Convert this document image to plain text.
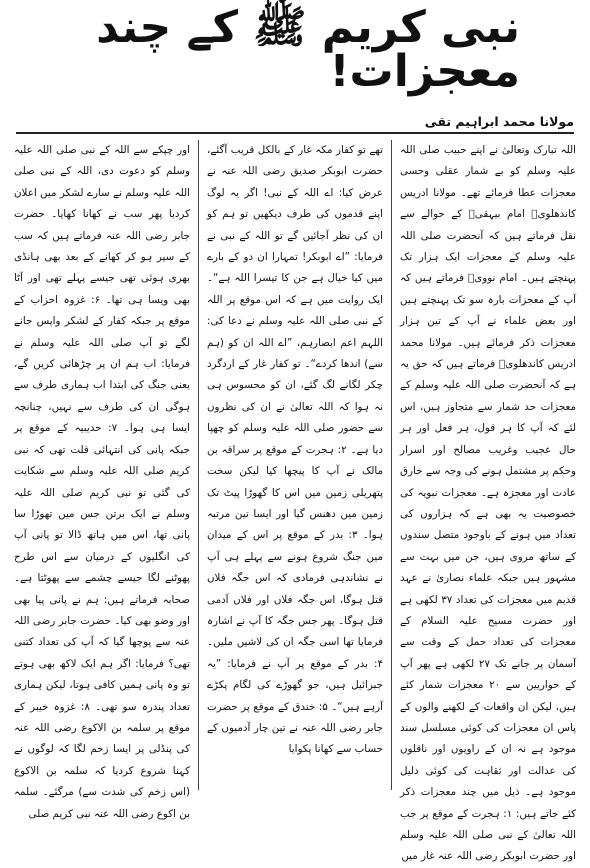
نبی کریم ﷺ کے چند معجزات!
مولانا محمد ابراہیم تقی

اللہ تبارک وتعالیٰ نے اپنے حبیب صلی اللہ علیہ وسلم کو بے شمار عقلی وحسی معجزات عطا فرمائے تھے۔ مولانا ادریس کاندھلویؒ امام بیہقیؒ کے حوالے سے نقل فرماتے ہیں کہ آنحضرت صلی اللہ علیہ وسلم کے معجزات ایک ہزار تک پہنچتے ہیں۔ امام نوویؒ فرماتے ہیں کہ آپ کے معجزات بارہ سو تک پہنچتے ہیں اور بعض علماء نے آپ کے تین ہزار معجزات ذکر فرمائے ہیں۔ مولانا محمد ادریس کاندھلویؒ فرماتے ہیں کہ حق یہ ہے کہ آنحضرت صلی اللہ علیہ وسلم کے معجزات حد شمار سے متجاوز ہیں، اس لئے کہ آپ کا ہر قول، ہر فعل اور ہر حال عجیب وغریب مصالح اور اسرار وحکم پر مشتمل ہونے کی وجہ سے خارق عادت اور معجزہ ہے۔ معجزات نبویہ کی خصوصیت یہ بھی ہے کہ ہزاروں کی تعداد میں ہونے کے باوجود متصل سندوں کے ساتھ مروی ہیں، جن میں بہت سے مشہور ہیں جبکہ علماء نصاریٰ نے عہد قدیم میں معجزات کی تعداد ۳۷ لکھی ہے اور حضرت مسیح علیہ السلام کے معجزات کی تعداد حمل کے وقت سے آسمان پر جانے تک ۲۷ لکھی ہے پھر آپ کے حواریین سے ۲۰ معجزات شمار کئے ہیں، لیکن ان واقعات کے لکھنے والوں کے پاس ان معجزات کی کوئی مسلسل سند موجود ہے نہ ان کے راویوں اور ناقلوں کی عدالت اور ثقاہت کی کوئی دلیل موجود ہے۔ ذیل میں چند معجزات ذکر کئے جاتے ہیں: ۱: ہجرت کے موقع پر جب اللہ تعالیٰ کے نبی صلی اللہ علیہ وسلم اور حضرت ابوبکر رضی اللہ عنہ غار میں

تھے تو کفار مکہ غار کے بالکل قریب آگئے، حضرت ابوبکر صدیق رضی اللہ عنہ نے عرض کیا: اے اللہ کے نبی! اگر یہ لوگ اپنے قدموں کی طرف دیکھیں تو ہم کو ان کی نظر آجائیں گے تو اللہ کے نبی نے فرمایا: ”اے ابوبکر! تمہارا ان دو کے بارے میں کیا خیال ہے جن کا تیسرا اللہ ہے“۔ ایک روایت میں ہے کہ اس موقع پر اللہ کے نبی صلی اللہ علیہ وسلم نے دعا کی: اللہم اعم ابصارہم، ”اے اللہ ان کو (ہم سے) اندھا کردے“۔ تو کفار غار کے اردگرد چکر لگانے لگ گئے، ان کو محسوس ہی نہ ہوا کہ اللہ تعالیٰ نے ان کی نظروں سے حضور صلی اللہ علیہ وسلم کو چھپا دیا ہے۔ ۲: ہجرت کے موقع پر سراقہ بن مالک نے آپ کا پیچھا کیا لیکن سخت پتھریلی زمین میں اس کا گھوڑا پیٹ تک زمین میں دھنس گیا اور ایسا تین مرتبہ ہوا۔ ۳: بدر کے موقع پر اس کے میدان میں جنگ شروع ہونے سے پہلے ہی آپ نے نشاندہی فرمادی کہ اس جگہ فلاں قتل ہوگا، اس جگہ فلاں اور فلاں آدمی قتل ہوگا۔ پھر جس جگہ کا آپ نے اشارہ فرمایا تھا اسی جگہ ان کی لاشیں ملیں۔ ۴: بدر کے موقع پر آپ نے فرمایا: ”یہ جبرائیل ہیں، جو گھوڑے کی لگام پکڑے آرہے ہیں“۔ ۵: خندق کے موقع پر حضرت جابر رضی اللہ عنہ نے تین چار آدمیوں کے حساب سے کھانا پکوایا

اور چپکے سے اللہ کے نبی صلی اللہ علیہ وسلم کو دعوت دی، اللہ کے نبی صلی اللہ علیہ وسلم نے سارے لشکر میں اعلان کردیا پھر سب نے کھانا کھایا۔ حضرت جابر رضی اللہ عنہ فرماتے ہیں کہ سب کے سیر ہو کر کھانے کے بعد بھی ہانڈی بھری ہوئی تھی جیسے پہلے تھی اور آٹا بھی ویسا ہی تھا۔ ۶: غزوہ احزاب کے موقع پر جبکہ کفار کے لشکر واپس جانے لگے تو آپ صلی اللہ علیہ وسلم نے فرمایا: اب ہم ان پر چڑھائی کریں گے، یعنی جنگ کی ابتدا اب ہماری طرف سے ہوگی ان کی طرف سے نہیں، چنانچہ ایسا ہی ہوا۔ ۷: حدیبیہ کے موقع پر جبکہ پانی کی انتہائی قلت تھی کہ نبی کریم صلی اللہ علیہ وسلم سے شکایت کی گئی تو نبی کریم صلی اللہ علیہ وسلم نے ایک برتن جس میں تھوڑا سا پانی تھا، اس میں ہاتھ ڈالا تو پانی آپ کی انگلیوں کے درمیان سے اس طرح پھوٹنے لگا جیسے چشمے سے پھوٹتا ہے۔ صحابہ فرماتے ہیں: ہم نے پانی پیا بھی اور وضو بھی کیا۔ حضرت جابر رضی اللہ عنہ سے پوچھا گیا کہ آپ کی تعداد کتنی تھی؟ فرمایا: اگر ہم ایک لاکھ بھی ہوتے تو وہ پانی ہمیں کافی ہوتا، لیکن ہماری تعداد پندرہ سو تھی۔ ۸: غزوہ خیبر کے موقع پر سلمہ بن الاکوع رضی اللہ عنہ کی پنڈلی پر ایسا زخم لگا کہ لوگوں نے کہنا شروع کردیا کہ سلمہ بن الاکوع (اس زخم کی شدت سے) مرگئے۔ سلمہ بن اکوع رضی اللہ عنہ نبی کریم صلی
